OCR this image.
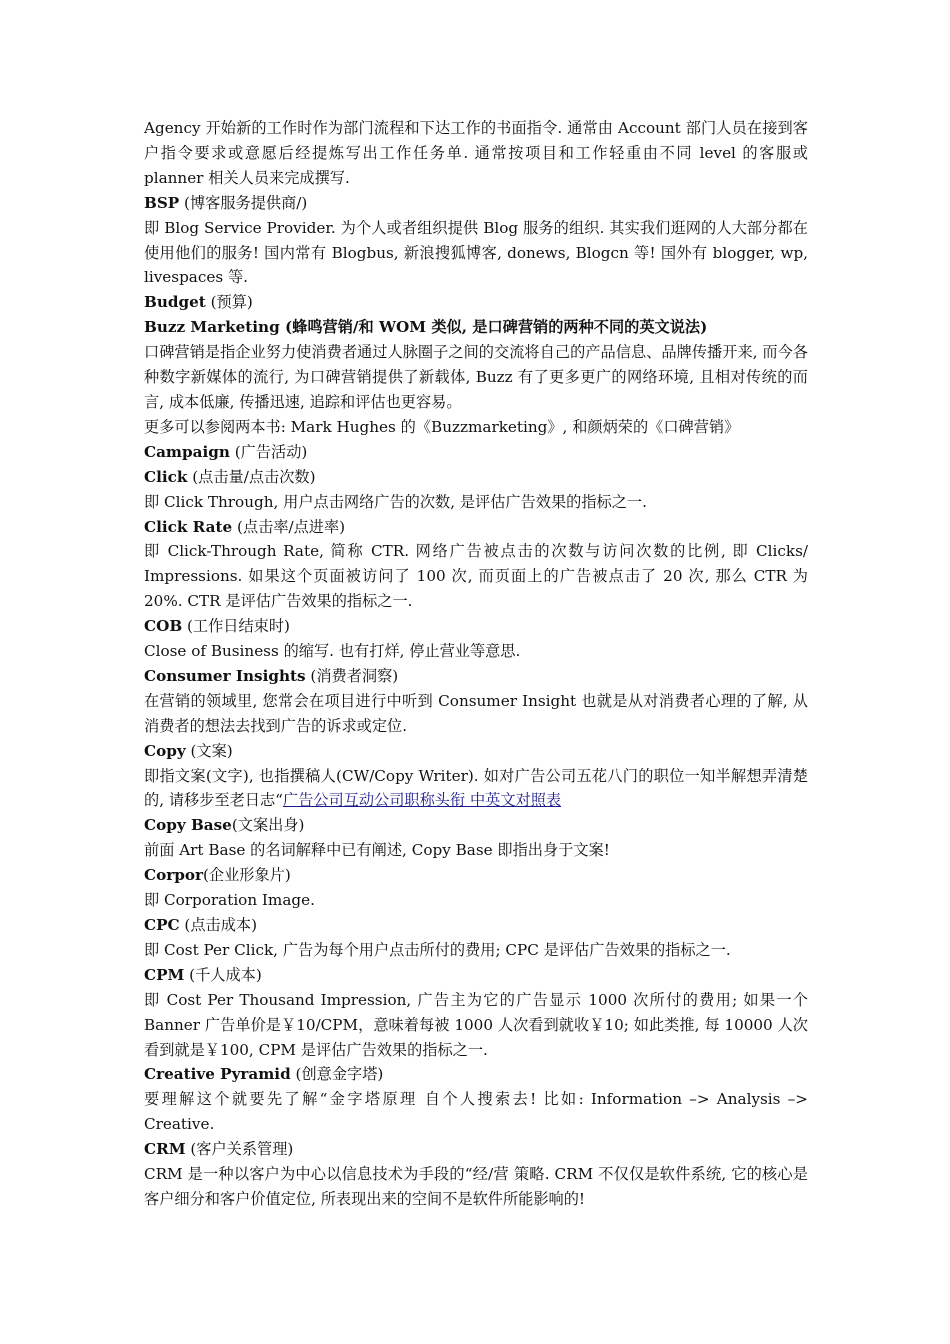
Agency 开始新的工作时作为部门流程和下达工作的书面指令. 通常由 Account 部门人员在接到客户指令要求或意愿后经提炼写出工作任务单. 通常按项目和工作轻重由不同 level 的客服或 planner 相关人员来完成撰写.

BSP (博客服务提供商/)

即 Blog Service Provider. 为个人或者组织提供 Blog 服务的组织. 其实我们逛网的人大部分都在使用他们的服务! 国内常有 Blogbus, 新浪搜狐博客, donews, Blogcn 等! 国外有 blogger, wp, livespaces 等.

Budget (预算)

Buzz Marketing (蜂鸣营销/和 WOM 类似, 是口碑营销的两种不同的英文说法)

口碑营销是指企业努力使消费者通过人脉圈子之间的交流将自己的产品信息、品牌传播开来, 而今各种数字新媒体的流行, 为口碑营销提供了新载体, Buzz 有了更多更广的网络环境, 且相对传统的而言, 成本低廉, 传播迅速, 追踪和评估也更容易。

更多可以参阅两本书: Mark Hughes 的《Buzzmarketing》, 和颜炳荣的《口碑营销》

Campaign (广告活动)

Click (点击量/点击次数)

即 Click Through, 用户点击网络广告的次数, 是评估广告效果的指标之一.

Click Rate (点击率/点进率)

即 Click-Through Rate, 简称 CTR. 网络广告被点击的次数与访问次数的比例, 即 Clicks/ Impressions. 如果这个页面被访问了 100 次, 而页面上的广告被点击了 20 次, 那么 CTR 为 20%. CTR 是评估广告效果的指标之一.

COB (工作日结束时)

Close of Business 的缩写. 也有打烊, 停止营业等意思.

Consumer Insights (消费者洞察)

在营销的领域里, 您常会在项目进行中听到 Consumer Insight 也就是从对消费者心理的了解, 从消费者的想法去找到广告的诉求或定位.

Copy (文案)

即指文案(文字), 也指撰稿人(CW/Copy Writer). 如对广告公司五花八门的职位一知半解想弄清楚的, 请移步至老日志“广告公司互动公司职称头衔 中英文对照表

Copy Base(文案出身)

前面 Art Base 的名词解释中已有阐述, Copy Base 即指出身于文案!

Corpor(企业形象片)

即 Corporation Image.

CPC (点击成本)

即 Cost Per Click, 广告为每个用户点击所付的费用; CPC 是评估广告效果的指标之一.

CPM (千人成本)

即 Cost Per Thousand Impression, 广告主为它的广告显示 1000 次所付的费用; 如果一个 Banner 广告单价是￥10/CPM，意味着每被 1000 人次看到就收￥10; 如此类推, 每 10000 人次看到就是￥100, CPM 是评估广告效果的指标之一.

Creative Pyramid (创意金字塔)

要理解这个就要先了解“金字塔原理 自个人搜索去! 比如: Information –> Analysis –> Creative.

CRM (客户关系管理)

CRM 是一种以客户为中心以信息技术为手段的“经/营 策略. CRM 不仅仅是软件系统, 它的核心是客户细分和客户价值定位, 所表现出来的空间不是软件所能影响的!
